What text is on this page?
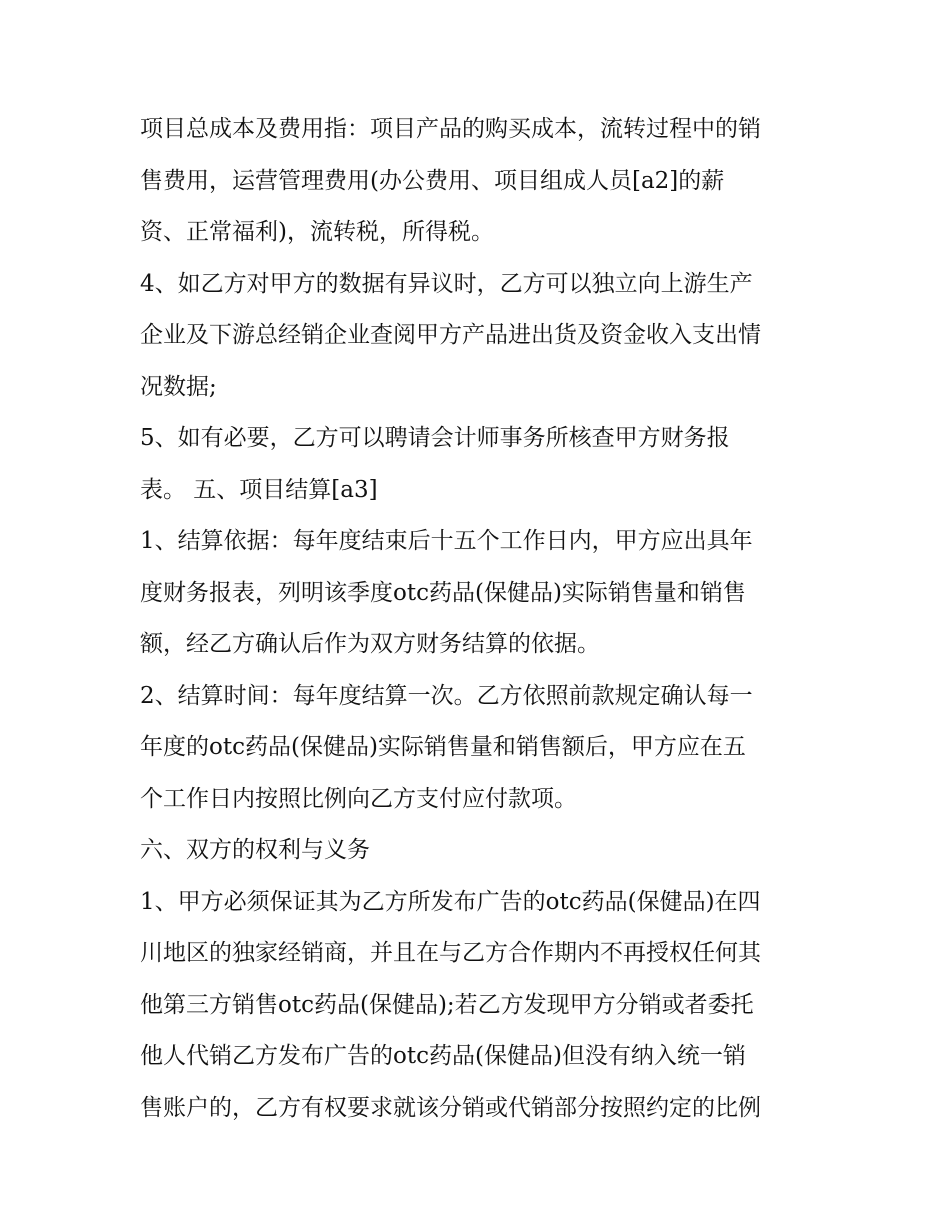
项目总成本及费用指：项目产品的购买成本，流转过程中的销

售费用，运营管理费用(办公费用、项目组成人员[a2]的薪

资、正常福利)，流转税，所得税。

4、如乙方对甲方的数据有异议时，乙方可以独立向上游生产

企业及下游总经销企业查阅甲方产品进出货及资金收入支出情

况数据;

5、如有必要，乙方可以聘请会计师事务所核查甲方财务报

表。 五、项目结算[a3]

1、结算依据：每年度结束后十五个工作日内，甲方应出具年

度财务报表，列明该季度otc药品(保健品)实际销售量和销售

额，经乙方确认后作为双方财务结算的依据。

2、结算时间：每年度结算一次。乙方依照前款规定确认每一

年度的otc药品(保健品)实际销售量和销售额后，甲方应在五

个工作日内按照比例向乙方支付应付款项。

六、双方的权利与义务

1、甲方必须保证其为乙方所发布广告的otc药品(保健品)在四

川地区的独家经销商，并且在与乙方合作期内不再授权任何其

他第三方销售otc药品(保健品);若乙方发现甲方分销或者委托

他人代销乙方发布广告的otc药品(保健品)但没有纳入统一销

售账户的，乙方有权要求就该分销或代销部分按照约定的比例
